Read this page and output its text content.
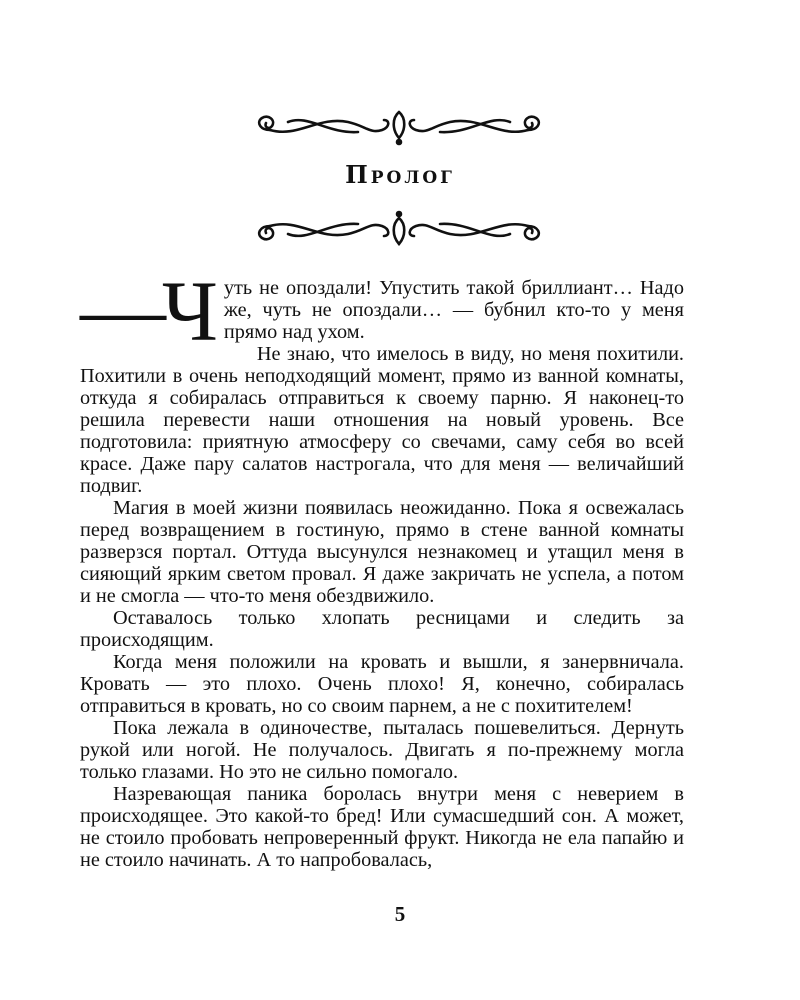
Пролог

— Ч уть не опоздали! Упустить такой бриллиант… Надо же, чуть не опоздали… — бубнил кто-то у меня прямо над ухом.

Не знаю, что имелось в виду, но меня похитили. Похитили в очень неподходящий момент, прямо из ванной комнаты, откуда я собиралась отправиться к своему парню. Я наконец-то решила перевести наши отношения на новый уровень. Все подготовила: приятную атмосферу со свечами, саму себя во всей красе. Даже пару салатов настрогала, что для меня — величайший подвиг.

Магия в моей жизни появилась неожиданно. Пока я освежалась перед возвращением в гостиную, прямо в стене ванной комнаты разверзся портал. Оттуда высунулся незнакомец и утащил меня в сияющий ярким светом провал. Я даже закричать не успела, а потом и не смогла — что-то меня обездвижило.

Оставалось только хлопать ресницами и следить за происходящим.

Когда меня положили на кровать и вышли, я занервничала. Кровать — это плохо. Очень плохо! Я, конечно, собиралась отправиться в кровать, но со своим парнем, а не с похитителем!

Пока лежала в одиночестве, пыталась пошевелиться. Дернуть рукой или ногой. Не получалось. Двигать я по-прежнему могла только глазами. Но это не сильно помогало.

Назревающая паника боролась внутри меня с неверием в происходящее. Это какой-то бред! Или сумасшедший сон. А может, не стоило пробовать непроверенный фрукт. Никогда не ела папайю и не стоило начинать. А то напробовалась,

5
